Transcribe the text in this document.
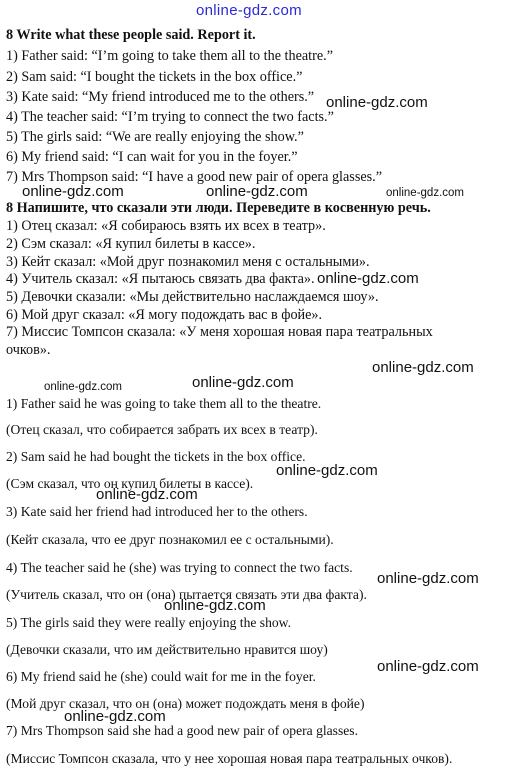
online-gdz.com
8 Write what these people said. Report it.
1) Father said: “I’m going to take them all to the theatre.”
2) Sam said: “I bought the tickets in the box office.”
3) Kate said: “My friend introduced me to the others.”
4) The teacher said: “I’m trying to connect the two facts.”
5) The girls said: “We are really enjoying the show.”
6) My friend said: “I can wait for you in the foyer.”
7) Mrs Thompson said: “I have a good new pair of opera glasses.”
8 Напишите, что сказали эти люди. Переведите в косвенную речь.
1) Отец сказал: «Я собираюсь взять их всех в театр».
2) Сэм сказал: «Я купил билеты в кассе».
3) Кейт сказал: «Мой друг познакомил меня с остальными».
4) Учитель сказал: «Я пытаюсь связать два факта».
5) Девочки сказали: «Мы действительно наслаждаемся шоу».
6) Мой друг сказал: «Я могу подождать вас в фойе».
7) Миссис Томпсон сказала: «У меня хорошая новая пара театральных
очков».
1) Father said he was going to take them all to the theatre.
(Отец сказал, что собирается забрать их всех в театр).
2) Sam said he had bought the tickets in the box office.
(Сэм сказал, что он купил билеты в кассе).
3) Kate said her friend had introduced her to the others.
(Кейт сказала, что ее друг познакомил ее с остальными).
4) The teacher said he (she) was trying to connect the two facts.
(Учитель сказал, что он (она) пытается связать эти два факта).
5) The girls said they were really enjoying the show.
(Девочки сказали, что им действительно нравится шоу)
6) My friend said he (she) could wait for me in the foyer.
(Мой друг сказал, что он (она) может подождать меня в фойе)
7) Mrs Thompson said she had a good new pair of opera glasses.
(Миссис Томпсон сказала, что у нее хорошая новая пара театральных очков).
online-gdz.com
online-gdz.com	online-gdz.com	online-gdz.com
online-gdz.com
online-gdz.com
online-gdz.com	online-gdz.com
online-gdz.com
online-gdz.com
online-gdz.com
online-gdz.com
online-gdz.com
online-gdz.com
